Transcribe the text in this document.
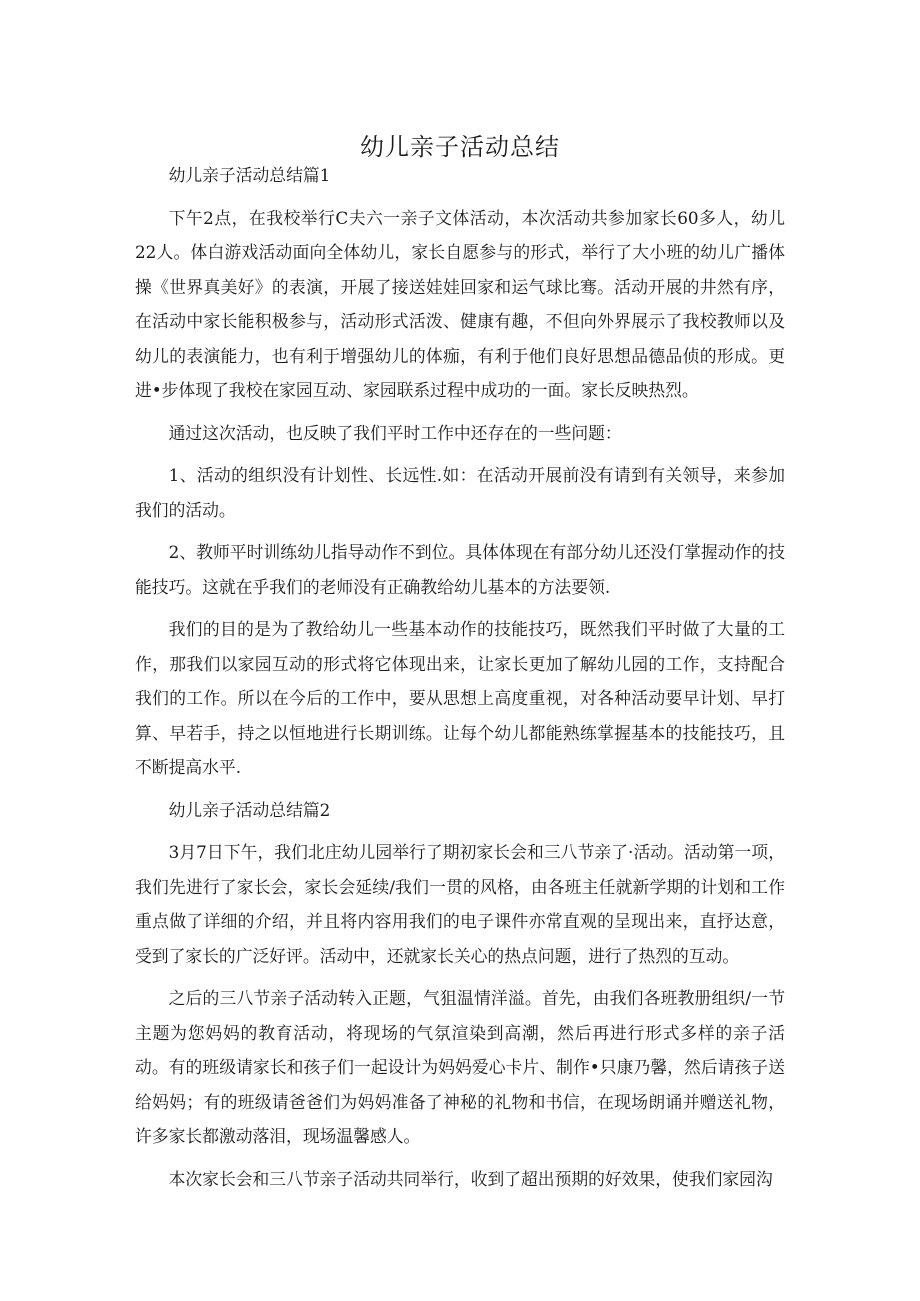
幼儿亲子活动总结

幼儿亲子活动总结篇1

下午2点，在我校举行C夫六一亲子文体活动，本次活动共参加家长60多人，幼儿22人。体白游戏活动面向全体幼儿，家长自愿参与的形式，举行了大小班的幼儿广播体操《世界真美好》的表演，开展了接送娃娃回家和运气球比骞。活动开展的井然有序，在活动中家长能积极参与，活动形式活泼、健康有趣，不但向外界展示了我校教师以及幼儿的表演能力，也有利于增强幼儿的体痂，有利于他们良好思想品德品侦的形成。更进•步体现了我校在家园互动、家园联系过程中成功的一面。家长反映热烈。

通过这次活动，也反映了我们平时工作中还存在的一些问题：

1、活动的组织没有计划性、长远性.如：在活动开展前没有请到有关领导，来参加我们的活动。

2、教师平时训练幼儿指导动作不到位。具体体现在有部分幼儿还没仃掌握动作的技能技巧。这就在乎我们的老师没有正确教给幼儿基本的方法要领.

我们的目的是为了教给幼儿一些基本动作的技能技巧，既然我们平时做了大量的工作，那我们以家园互动的形式将它体现出来，让家长更加了解幼儿园的工作，支持配合我们的工作。所以在今后的工作中，要从思想上高度重视，对各种活动要早计划、早打算、早若手，持之以恒地进行长期训练。让每个幼儿都能熟练掌握基本的技能技巧，且不断提高水平.

幼儿亲子活动总结篇2

3月7日下午，我们北庄幼儿园举行了期初家长会和三八节亲了·活动。活动第一项，我们先进行了家长会，家长会延续/我们一贯的风格，由各班主任就新学期的计划和工作重点做了详细的介绍，并且将内容用我们的电子课件亦常直观的呈现出来，直抒达意，受到了家长的广泛好评。活动中，还就家长关心的热点问题，进行了热烈的互动。

之后的三八节亲子活动转入正题，气狙温情洋溢。首先，由我们各班教册组织/一节主题为您妈妈的教育活动，将现场的气氛渲染到高潮，然后再进行形式多样的亲子活动。有的班级请家长和孩子们一起设计为妈妈爱心卡片、制作•只康乃馨，然后请孩子送给妈妈；有的班级请爸爸们为妈妈准备了神秘的礼物和书信，在现场朗诵并赠送礼物，许多家长都激动落泪，现场温馨感人。

本次家长会和三八节亲子活动共同举行，收到了超出预期的好效果，使我们家园沟
